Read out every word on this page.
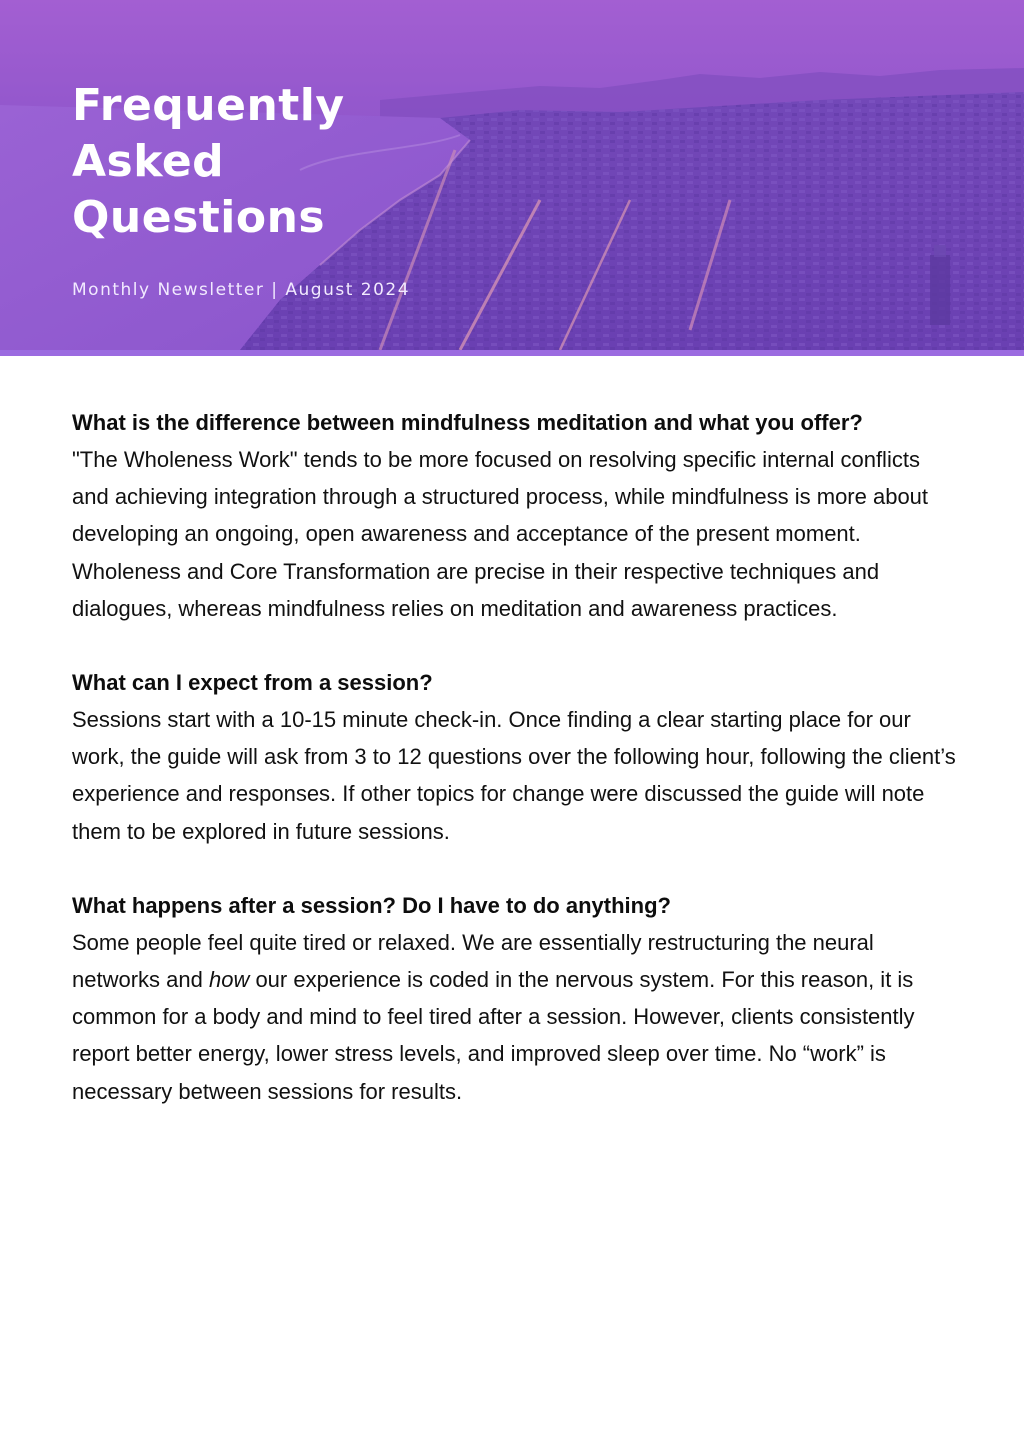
Frequently Asked Questions

Monthly Newsletter | August 2024

What is the difference between mindfulness meditation and what you offer?

"The Wholeness Work" tends to be more focused on resolving specific internal conflicts and achieving integration through a structured process, while mindfulness is more about developing an ongoing, open awareness and acceptance of the present moment. Wholeness and Core Transformation are precise in their respective techniques and dialogues, whereas mindfulness relies on meditation and awareness practices.

What can I expect from a session?

Sessions start with a 10-15 minute check-in. Once finding a clear starting place for our work, the guide will ask from 3 to 12 questions over the following hour, following the client’s experience and responses. If other topics for change were discussed the guide will note them to be explored in future sessions.

What happens after a session? Do I have to do anything?

Some people feel quite tired or relaxed. We are essentially restructuring the neural networks and how our experience is coded in the nervous system. For this reason, it is common for a body and mind to feel tired after a session. However, clients consistently report better energy, lower stress levels, and improved sleep over time. No “work” is necessary between sessions for results.
